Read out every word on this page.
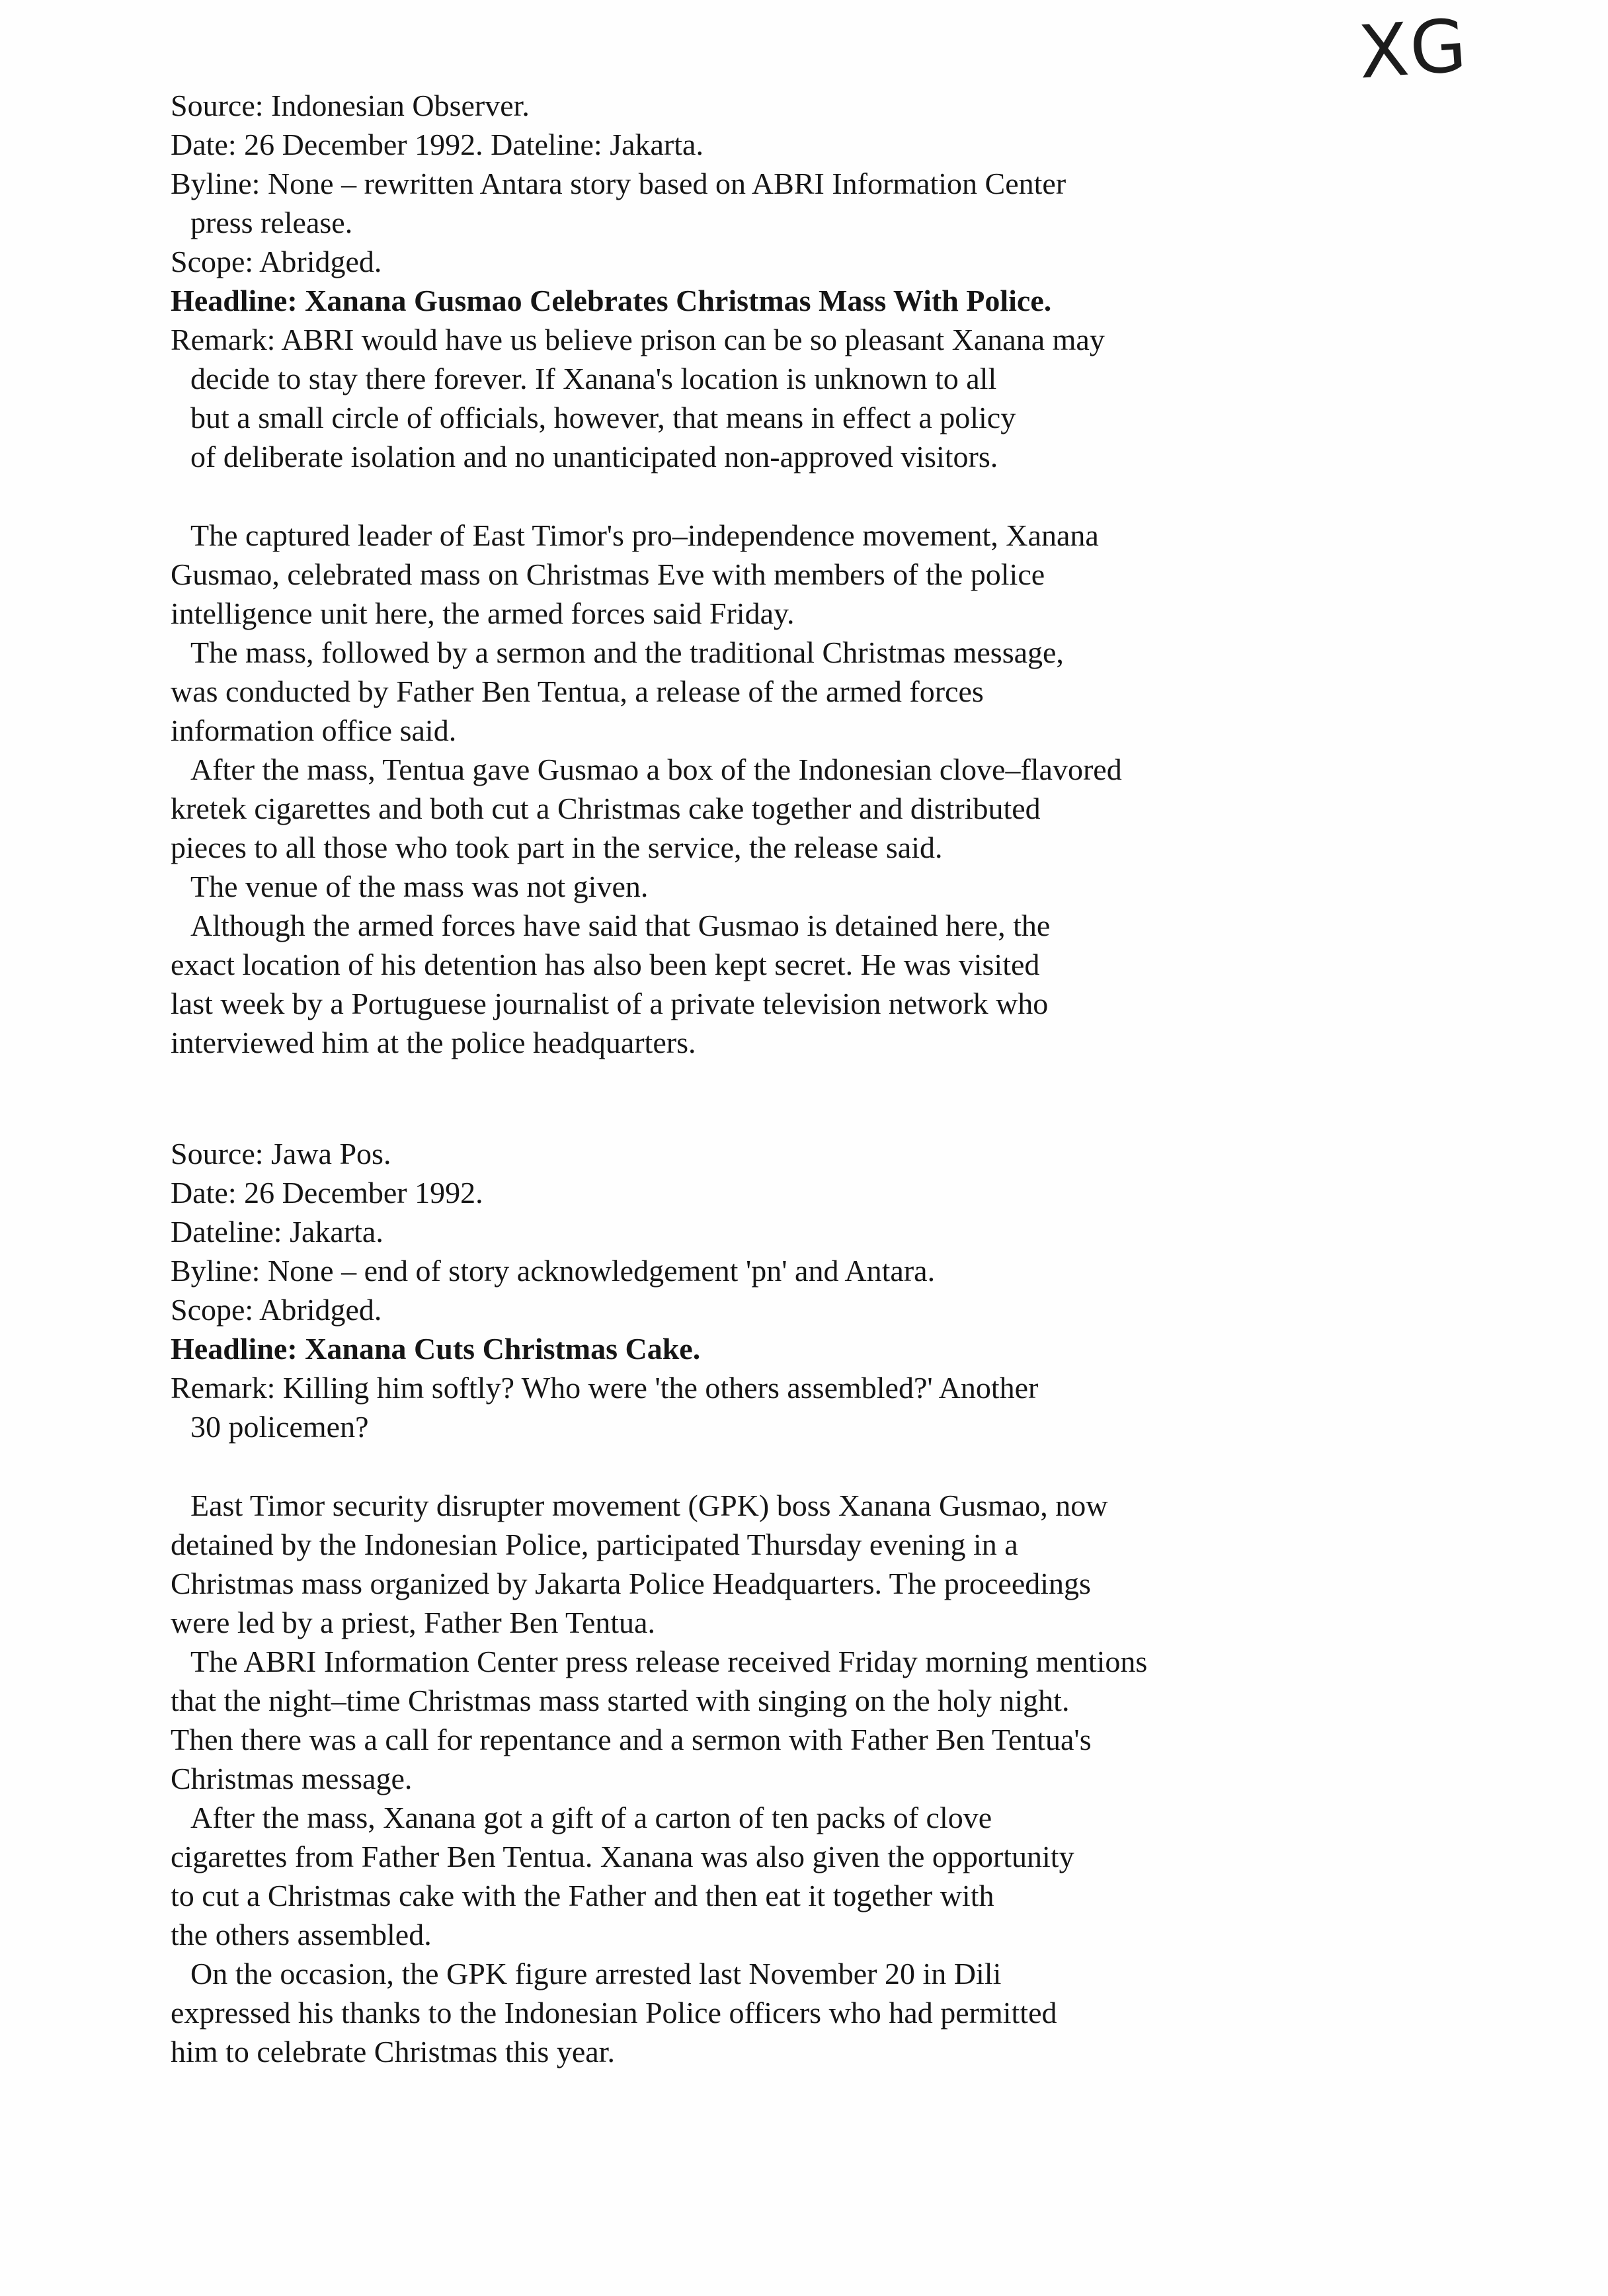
XG
Source: Indonesian Observer.
Date: 26 December 1992. Dateline: Jakarta.
Byline: None – rewritten Antara story based on ABRI Information Center
press release.
Scope: Abridged.
Headline: Xanana Gusmao Celebrates Christmas Mass With Police.
Remark: ABRI would have us believe prison can be so pleasant Xanana may
decide to stay there forever. If Xanana's location is unknown to all
but a small circle of officials, however, that means in effect a policy
of deliberate isolation and no unanticipated non-approved visitors.
The captured leader of East Timor's pro–independence movement, Xanana
Gusmao, celebrated mass on Christmas Eve with members of the police
intelligence unit here, the armed forces said Friday.
The mass, followed by a sermon and the traditional Christmas message,
was conducted by Father Ben Tentua, a release of the armed forces
information office said.
After the mass, Tentua gave Gusmao a box of the Indonesian clove–flavored
kretek cigarettes and both cut a Christmas cake together and distributed
pieces to all those who took part in the service, the release said.
The venue of the mass was not given.
Although the armed forces have said that Gusmao is detained here, the
exact location of his detention has also been kept secret. He was visited
last week by a Portuguese journalist of a private television network who
interviewed him at the police headquarters.
Source: Jawa Pos.
Date: 26 December 1992.
Dateline: Jakarta.
Byline: None – end of story acknowledgement 'pn' and Antara.
Scope: Abridged.
Headline: Xanana Cuts Christmas Cake.
Remark: Killing him softly? Who were 'the others assembled?' Another
30 policemen?
East Timor security disrupter movement (GPK) boss Xanana Gusmao, now
detained by the Indonesian Police, participated Thursday evening in a
Christmas mass organized by Jakarta Police Headquarters. The proceedings
were led by a priest, Father Ben Tentua.
The ABRI Information Center press release received Friday morning mentions
that the night–time Christmas mass started with singing on the holy night.
Then there was a call for repentance and a sermon with Father Ben Tentua's
Christmas message.
After the mass, Xanana got a gift of a carton of ten packs of clove
cigarettes from Father Ben Tentua. Xanana was also given the opportunity
to cut a Christmas cake with the Father and then eat it together with
the others assembled.
On the occasion, the GPK figure arrested last November 20 in Dili
expressed his thanks to the Indonesian Police officers who had permitted
him to celebrate Christmas this year.
